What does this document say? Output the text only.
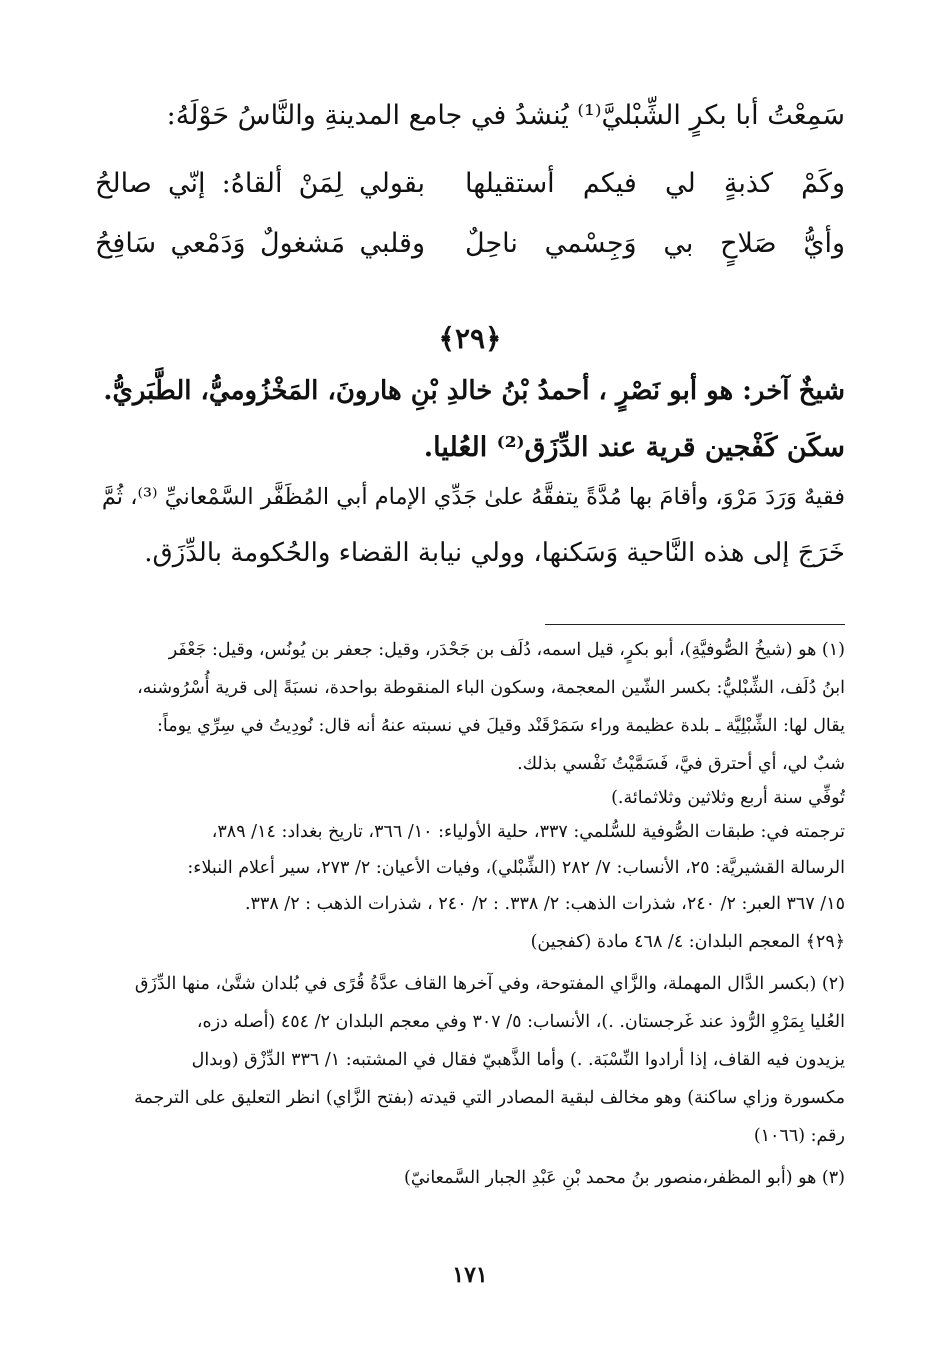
سَمِعْتُ أبا بكرٍ الشِّبْليَّ⁽¹⁾ يُنشدُ في جامع المدينةِ والنَّاسُ حَوْلَهُ:
وكَمْ كذبةٍ لي فيكم أستقيلها
بقولي لِمَنْ ألقاهُ: إنّي صالحُ
وأيُّ صَلاحٍ بي وَجِسْمي ناحِلٌ
وقلبي مَشغولٌ وَدَمْعي سَافِحُ
﴿٢٩﴾
شيخٌ آخر: هو أبو نَصْرٍ ، أحمدُ بْنُ خالدِ بْنِ هارونَ، المَخْزُوميُّ، الطَّبَريُّ.
سكَن كَفْجين قرية عند الدِّزَق⁽²⁾ العُليا.
فقيهٌ وَرَدَ مَرْوَ، وأقامَ بها مُدَّةً يتفقَّهُ علىٰ جَدِّي الإمام أبي المُظَفَّر السَّمْعانيِّ ⁽³⁾، ثُمَّ
خَرَجَ إلى هذه النَّاحية وَسَكنها، وولي نيابة القضاء والحُكومة بالدِّزَق.
(١) هو (شيخُ الصُّوفيَّةِ)، أبو بكرٍ، قيل اسمه، دُلَف بن جَحْدَر، وقيل: جعفر بن يُونُس، وقيل: جَعْفَر
ابنُ دُلَف، الشِّبْليُّ: بكسر الشّين المعجمة، وسكون الباء المنقوطة بواحدة، نسبَةً إلى قرية أُسْرُوشنه،
يقال لها: الشِّبْلِيَّة ـ بلدة عظيمة وراء سَمَرْقَنْد وقيلَ في نسبته عنهُ أنه قال: نُودِيتُ في سِرِّي يوماً:
شبٌ لي، أي أحترق فيَّ، فَسَمَّيْتُ نَفْسي بذلك.
تُوفِّي سنة أربع وثلاثين وثلاثمائة.)
ترجمته في: طبقات الصُّوفية للسُّلمي: ٣٣٧، حلية الأولياء: ١٠/ ٣٦٦، تاريخ بغداد: ١٤/ ٣٨٩،
الرسالة القشيريَّة: ٢٥، الأنساب: ٧/ ٢٨٢ (الشِّبْلي)، وفيات الأعيان: ٢/ ٢٧٣، سير أعلام النبلاء:
١٥/ ٣٦٧ العبر: ٢/ ٢٤٠، شذرات الذهب: ٢/ ٣٣٨. : ٢/ ٢٤٠ ، شذرات الذهب : ٢/ ٣٣٨.
﴿٢٩﴾ المعجم البلدان: ٤/ ٤٦٨ مادة (كفجين)
(٢) (بكسر الدَّال المهملة، والزَّاي المفتوحة، وفي آخرها القاف عدَّةُ قُرًى في بُلدان شتَّىٰ، منها الدِّزَق
العُليا بِمَرْوِ الرُّوذ عند غَرجستان. .)، الأنساب: ٥/ ٣٠٧ وفي معجم البلدان ٢/ ٤٥٤ (أصله دزه،
يزيدون فيه القاف، إذا أرادوا النِّسْبَة. .) وأما الذَّهبيّ فقال في المشتبه: ١/ ٣٣٦ الدِّزْق (وبدال
مكسورة وزاي ساكنة) وهو مخالف لبقية المصادر التي قيدته (بفتح الزَّاي) انظر التعليق على الترجمة
رقم: (١٠٦٦)
(٣) هو (أبو المظفر،منصور بنُ محمد بْنِ عَبْدِ الجبار السَّمعانيّ)
١٧١
